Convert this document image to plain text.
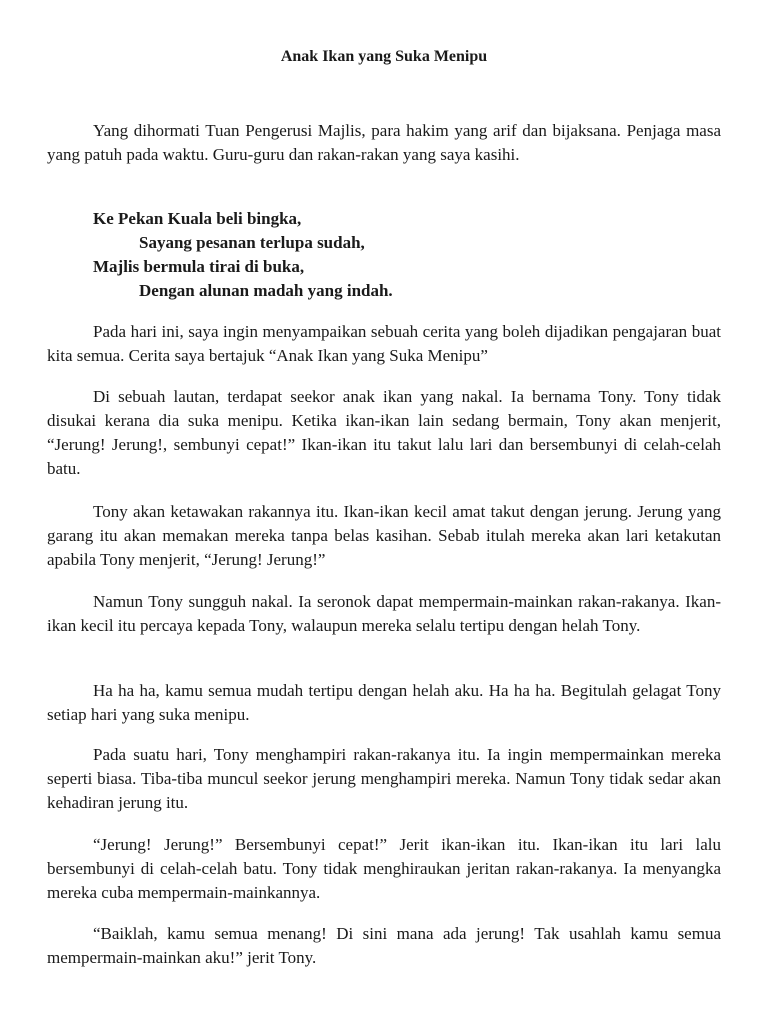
Anak Ikan yang Suka Menipu

Yang dihormati Tuan Pengerusi Majlis, para hakim yang arif dan bijaksana. Penjaga masa yang patuh pada waktu. Guru-guru dan rakan-rakan yang saya kasihi.

Ke Pekan Kuala beli bingka,
Sayang pesanan terlupa sudah,
Majlis bermula tirai di buka,
Dengan alunan madah yang indah.

Pada hari ini, saya ingin menyampaikan sebuah cerita yang boleh dijadikan pengajaran buat kita semua. Cerita saya bertajuk “Anak Ikan yang Suka Menipu”

Di sebuah lautan, terdapat seekor anak ikan yang nakal. Ia bernama Tony. Tony tidak disukai kerana dia suka menipu. Ketika ikan-ikan lain sedang bermain, Tony akan menjerit, “Jerung! Jerung!, sembunyi cepat!” Ikan-ikan itu takut lalu lari dan bersembunyi di celah-celah batu.

Tony akan ketawakan rakannya itu. Ikan-ikan kecil amat takut dengan jerung. Jerung yang garang itu akan memakan mereka tanpa belas kasihan. Sebab itulah mereka akan lari ketakutan apabila Tony menjerit, “Jerung! Jerung!”

Namun Tony sungguh nakal. Ia seronok dapat mempermain-mainkan rakan-rakanya. Ikan-ikan kecil itu percaya kepada Tony, walaupun mereka selalu tertipu dengan helah Tony.

Ha ha ha, kamu semua mudah tertipu dengan helah aku. Ha ha ha. Begitulah gelagat Tony setiap hari yang suka menipu.

Pada suatu hari, Tony menghampiri rakan-rakanya itu. Ia ingin mempermainkan mereka seperti biasa. Tiba-tiba muncul seekor jerung menghampiri mereka. Namun Tony tidak sedar akan kehadiran jerung itu.

“Jerung! Jerung!” Bersembunyi cepat!” Jerit ikan-ikan itu. Ikan-ikan itu lari lalu bersembunyi di celah-celah batu. Tony tidak menghiraukan jeritan rakan-rakanya. Ia menyangka mereka cuba mempermain-mainkannya.

“Baiklah, kamu semua menang! Di sini mana ada jerung! Tak usahlah kamu semua mempermain-mainkan aku!” jerit Tony.
